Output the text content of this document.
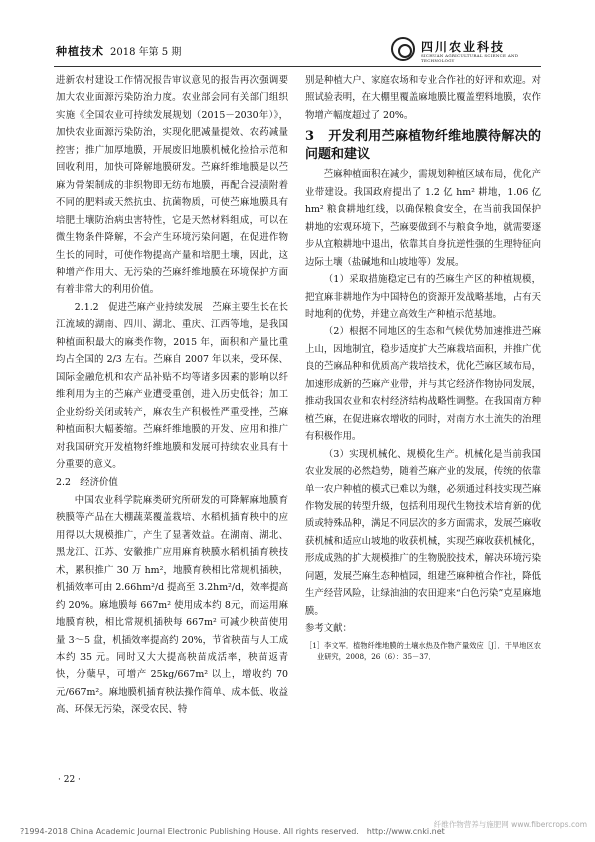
种植技术 2018 年第 5 期	四川农业科技
SICHUAN AGRICULTURAL SCIENCE AND TECHNOLOGY

进新农村建设工作情况报告审议意见的报告再次强调要加大农业面源污染防治力度。农业部会同有关部门组织实施《全国农业可持续发展规划（2015－2030年）》，加快农业面源污染防治，实现化肥减量提效、农药减量控害；推广加厚地膜，开展废旧地膜机械化捡拾示范和回收利用，加快可降解地膜研发。苎麻纤维地膜是以苎麻为骨架制成的非织物即无纺布地膜，再配合浸渍附着不同的肥料或天然抗虫、抗菌物质，可使苎麻地膜具有培肥土壤防治病虫害特性，它是天然材料组成，可以在微生物条件降解，不会产生环境污染问题，在促进作物生长的同时，可使作物提高产量和培肥土壤，因此，这种增产作用大、无污染的苎麻纤维地膜在环境保护方面有着非常大的利用价值。

2.1.2　促进苎麻产业持续发展　苎麻主要生长在长江流域的湖南、四川、湖北、重庆、江西等地，是我国种植面积最大的麻类作物，2015 年，面积和产量比重均占全国的 2/3 左右。苎麻自 2007 年以来，受环保、国际金融危机和农产品补贴不均等诸多因素的影响以纤维利用为主的苎麻产业遭受重创，进入历史低谷；加工企业纷纷关闭或转产，麻农生产积极性严重受挫，苎麻种植面积大幅萎缩。苎麻纤维地膜的开发、应用和推广对我国研究开发植物纤维地膜和发展可持续农业具有十分重要的意义。

2.2　经济价值

中国农业科学院麻类研究所研发的可降解麻地膜育秧膜等产品在大棚蔬菜覆盖栽培、水稻机插育秧中的应用得以大规模推广，产生了显著效益。在湖南、湖北、黑龙江、江苏、安徽推广应用麻育秧膜水稻机插育秧技术，累积推广 30 万 hm²，地膜育秧相比常规机插秧，机插效率可由 2.66hm²/d 提高至 3.2hm²/d，效率提高约 20%。麻地膜每 667m² 使用成本约 8元，而运用麻地膜育秧，相比常规机插秧每 667m² 可减少秧苗使用量 3～5 盘，机插效率提高约 20%，节省秧苗与人工成本约 35 元。同时又大大提高秧苗成活率，秧苗返青快，分蘖早，可增产 25kg/667m² 以上，增收约 70 元/667m²。麻地膜机插育秧法操作简单、成本低、收益高、环保无污染，深受农民、特

别是种植大户、家庭农场和专业合作社的好评和欢迎。对照试验表明，在大棚里覆盖麻地膜比覆盖塑料地膜，农作物增产幅度超过了 20%。

3 开发利用苎麻植物纤维地膜待解决的问题和建议

苎麻种植面积在减少，需规划种植区域布局，优化产业带建设。我国政府提出了 1.2 亿 hm² 耕地，1.06 亿 hm² 粮食耕地红线，以确保粮食安全，在当前我国保护耕地的宏观环境下，苎麻要做到不与粮食争地，就需要逐步从宜粮耕地中退出，依靠其自身抗逆性强的生理特征向边际土壤（盐碱地和山坡地等）发展。

（1）采取措施稳定已有的苎麻生产区的种植规模，把宜麻非耕地作为中国特色的资源开发战略基地，占有天时地利的优势，并建立高效生产种植示范基地。

（2）根据不同地区的生态和气候优势加速推进苎麻上山，因地制宜，稳步适度扩大苎麻栽培面积，并推广优良的苎麻品种和优质高产栽培技术，优化苎麻区域布局，加速形成新的苎麻产业带，并与其它经济作物协同发展，推动我国农业和农村经济结构战略性调整。在我国南方种植苎麻，在促进麻农增收的同时，对南方水土流失的治理有积极作用。

（3）实现机械化、规模化生产。机械化是当前我国农业发展的必然趋势，随着苎麻产业的发展，传统的依靠单一农户种植的模式已难以为继，必须通过科技实现苎麻作物发展的转型升级，包括利用现代生物技术培育新的优质或特殊品种，满足不同层次的多方面需求，发展苎麻收获机械和适应山坡地的收获机械，实现苎麻收获机械化，形成成熟的扩大规模推广的生物脱胶技术，解决环境污染问题，发展苎麻生态种植园，组建苎麻种植合作社，降低生产经营风险，让绿油油的农田迎来“白色污染”克星麻地膜。

参考文献：

［1］李文军．植物纤维地膜的土壤水热及作物产量效应［J］．干旱地区农业研究，2008，26（6）：35－37．

· 22 ·
?1994-2018 China Academic Journal Electronic Publishing House. All rights reserved.　http://www.cnki.net
纤维作物营养与施肥网 www.fibercrops.com
